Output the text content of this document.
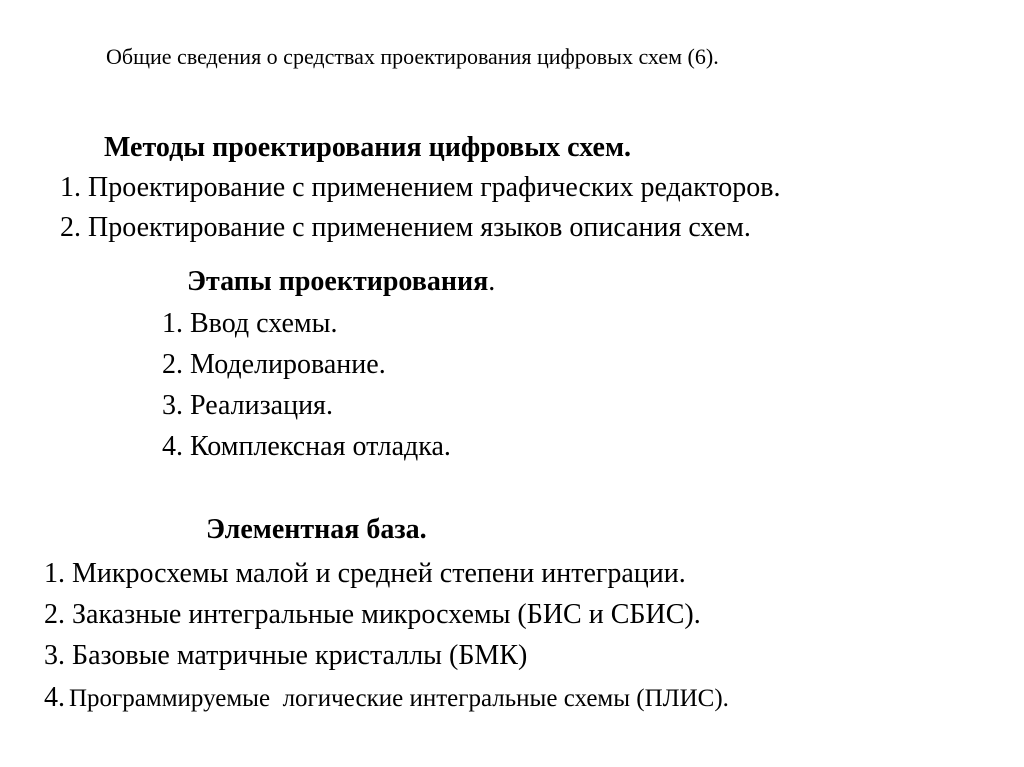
Общие сведения о средствах проектирования цифровых схем (6).
Методы проектирования цифровых схем.
1. Проектирование с применением графических редакторов.
2. Проектирование с применением языков описания схем.
Этапы проектирования.
1. Ввод схемы.
2. Моделирование.
3. Реализация.
4. Комплексная отладка.
Элементная база.
1. Микросхемы малой и средней степени интеграции.
2. Заказные интегральные микросхемы (БИС и СБИС).
3. Базовые матричные кристаллы (БМК)
4. Программируемые  логические интегральные схемы (ПЛИС).
